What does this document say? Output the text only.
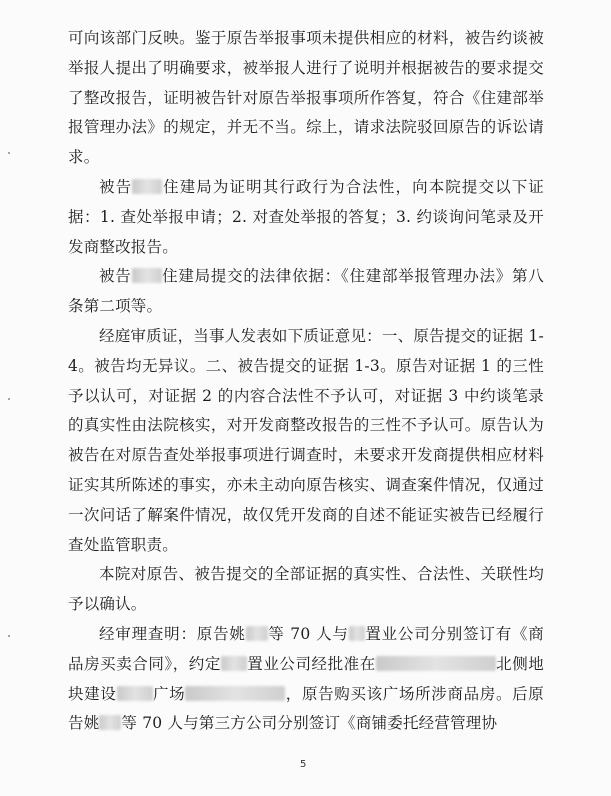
可向该部门反映。鉴于原告举报事项未提供相应的材料，被告约谈被举报人提出了明确要求，被举报人进行了说明并根据被告的要求提交了整改报告，证明被告针对原告举报事项所作答复，符合《住建部举报管理办法》的规定，并无不当。综上，请求法院驳回原告的诉讼请求。

被告 住建局为证明其行政行为合法性，向本院提交以下证据：1. 查处举报申请；2. 对查处举报的答复；3. 约谈询问笔录及开发商整改报告。

被告 住建局提交的法律依据：《住建部举报管理办法》第八条第二项等。

经庭审质证，当事人发表如下质证意见：一、原告提交的证据 1-4。被告均无异议。二、被告提交的证据 1-3。原告对证据 1 的三性予以认可，对证据 2 的内容合法性不予认可，对证据 3 中约谈笔录的真实性由法院核实，对开发商整改报告的三性不予认可。原告认为被告在对原告查处举报事项进行调查时，未要求开发商提供相应材料证实其所陈述的事实，亦未主动向原告核实、调查案件情况，仅通过一次问话了解案件情况，故仅凭开发商的自述不能证实被告已经履行查处监管职责。

本院对原告、被告提交的全部证据的真实性、合法性、关联性均予以确认。

经审理查明：原告姚 等 70 人与 置业公司分别签订有《商品房买卖合同》，约定 置业公司经批准在	北侧地块建设 广场	，原告购买该广场所涉商品房。后原告姚 等 70 人与第三方公司分别签订《商铺委托经营管理协

5
